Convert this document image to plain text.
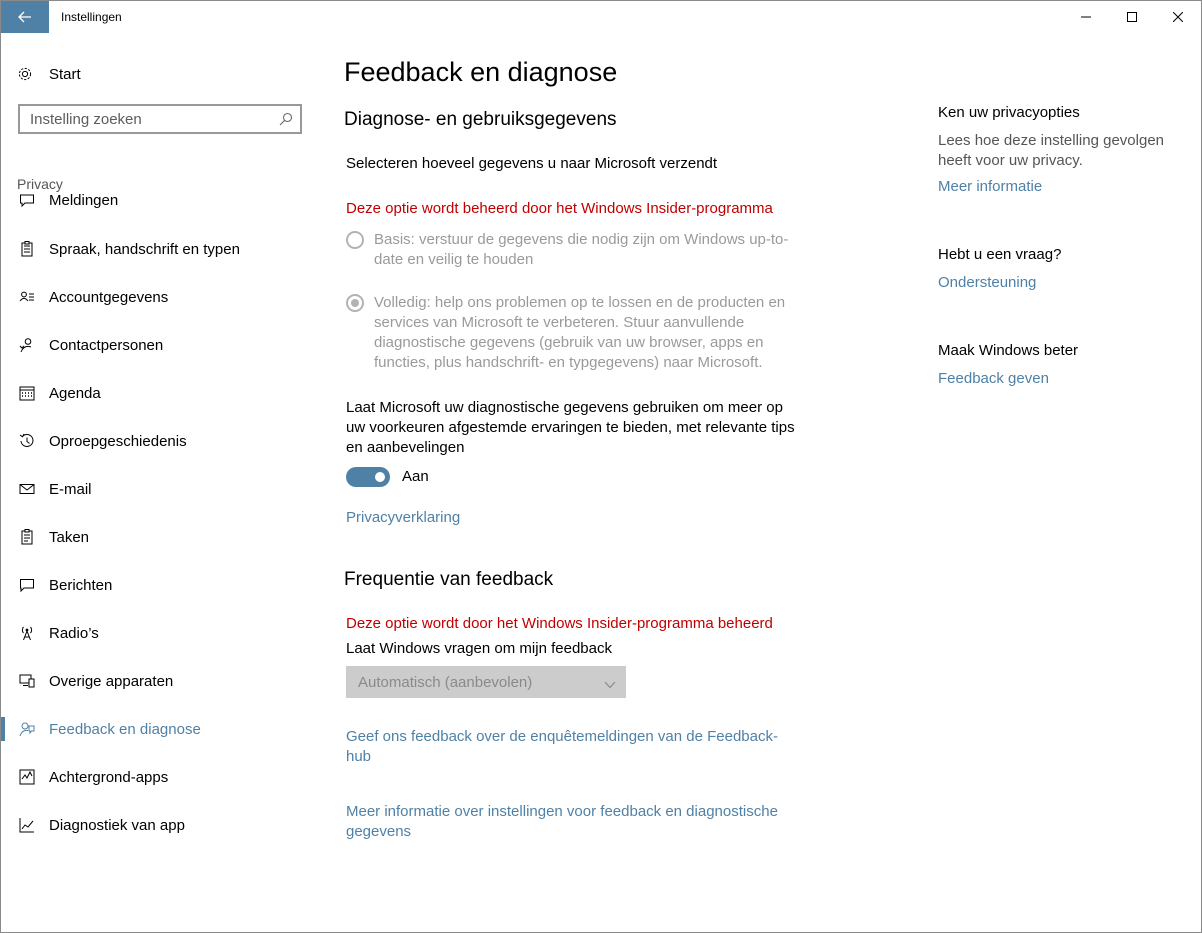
Instellingen
Start
Instelling zoeken
Privacy
Meldingen
Spraak, handschrift en typen
Accountgegevens
Contactpersonen
Agenda
Oproepgeschiedenis
E-mail
Taken
Berichten
Radio’s
Overige apparaten
Feedback en diagnose
Achtergrond-apps
Diagnostiek van app
Feedback en diagnose
Diagnose- en gebruiksgegevens
Selecteren hoeveel gegevens u naar Microsoft verzendt
Deze optie wordt beheerd door het Windows Insider-programma
Basis: verstuur de gegevens die nodig zijn om Windows up-to-date en veilig te houden
Volledig: help ons problemen op te lossen en de producten en services van Microsoft te verbeteren. Stuur aanvullende diagnostische gegevens (gebruik van uw browser, apps en functies, plus handschrift- en typgegevens) naar Microsoft.
Laat Microsoft uw diagnostische gegevens gebruiken om meer op uw voorkeuren afgestemde ervaringen te bieden, met relevante tips en aanbevelingen
Aan
Privacyverklaring
Frequentie van feedback
Deze optie wordt door het Windows Insider-programma beheerd
Laat Windows vragen om mijn feedback
Automatisch (aanbevolen)
Geef ons feedback over de enquêtemeldingen van de Feedback-hub
Meer informatie over instellingen voor feedback en diagnostische gegevens
Ken uw privacyopties
Lees hoe deze instelling gevolgen heeft voor uw privacy.
Meer informatie
Hebt u een vraag?
Ondersteuning
Maak Windows beter
Feedback geven
